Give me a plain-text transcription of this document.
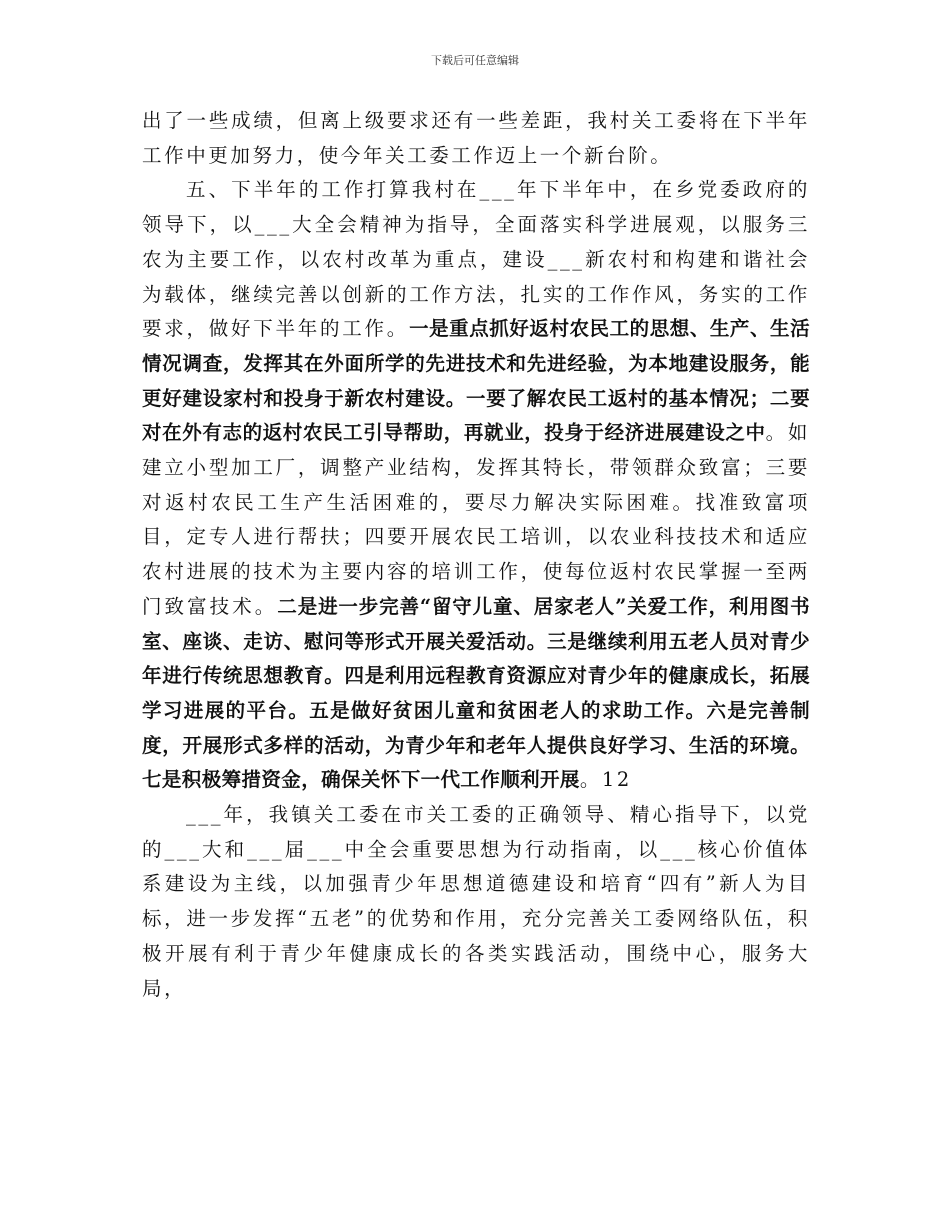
下载后可任意编辑

出了一些成绩，但离上级要求还有一些差距，我村关工委将在下半年工作中更加努力，使今年关工委工作迈上一个新台阶。

五、下半年的工作打算我村在___年下半年中，在乡党委政府的领导下，以___大全会精神为指导，全面落实科学进展观，以服务三农为主要工作，以农村改革为重点，建设___新农村和构建和谐社会为载体，继续完善以创新的工作方法，扎实的工作作风，务实的工作要求，做好下半年的工作。一是重点抓好返村农民工的思想、生产、生活情况调查，发挥其在外面所学的先进技术和先进经验，为本地建设服务，能更好建设家村和投身于新农村建设。一要了解农民工返村的基本情况；二要对在外有志的返村农民工引导帮助，再就业，投身于经济进展建设之中。如建立小型加工厂，调整产业结构，发挥其特长，带领群众致富；三要对返村农民工生产生活困难的，要尽力解决实际困难。找准致富项目，定专人进行帮扶；四要开展农民工培训，以农业科技技术和适应农村进展的技术为主要内容的培训工作，使每位返村农民掌握一至两门致富技术。二是进一步完善“留守儿童、居家老人”关爱工作，利用图书室、座谈、走访、慰问等形式开展关爱活动。三是继续利用五老人员对青少年进行传统思想教育。四是利用远程教育资源应对青少年的健康成长，拓展学习进展的平台。五是做好贫困儿童和贫困老人的求助工作。六是完善制度，开展形式多样的活动，为青少年和老年人提供良好学习、生活的环境。七是积极筹措资金，确保关怀下一代工作顺利开展。12

___年，我镇关工委在市关工委的正确领导、精心指导下，以党的___大和___届___中全会重要思想为行动指南，以___核心价值体系建设为主线，以加强青少年思想道德建设和培育“四有”新人为目标，进一步发挥“五老”的优势和作用，充分完善关工委网络队伍，积极开展有利于青少年健康成长的各类实践活动，围绕中心，服务大局，
